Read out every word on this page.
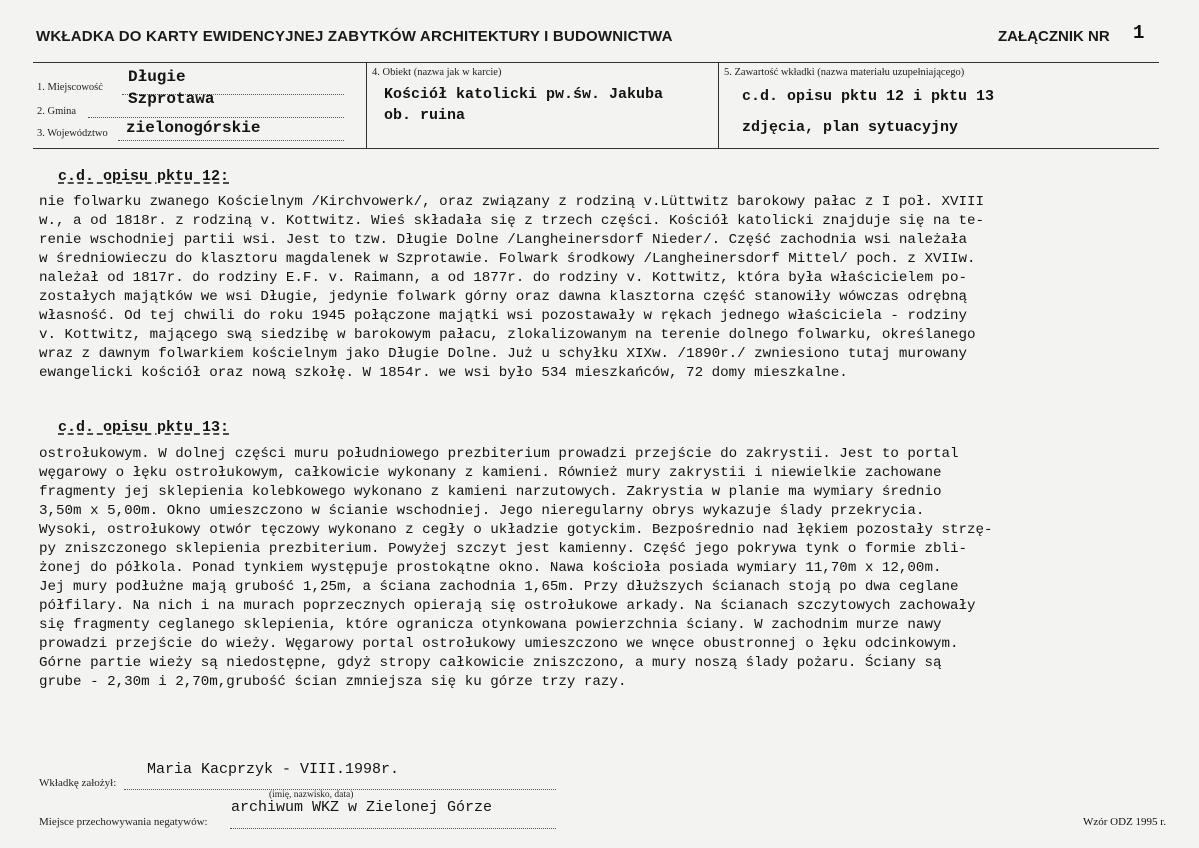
WKŁADKA DO KARTY EWIDENCYJNEJ ZABYTKÓW ARCHITEKTURY I BUDOWNICTWA	ZAŁĄCZNIK NR 1
1. Miejscowość
Długie
2. Gmina
Szprotawa
3. Województwo zielonogórskie
4. Obiekt (nazwa jak w karcie)
Kościół katolicki pw.św. Jakuba
ob. ruina
5. Zawartość wkładki (nazwa materiału uzupełniającego)
c.d. opisu pktu 12 i pktu 13
zdjęcia, plan sytuacyjny
c.d. opisu pktu 12:
nie folwarku zwanego Kościelnym /Kirchvowerk/, oraz związany z rodziną v.Lüttwitz barokowy pałac z I poł. XVIII
w., a od 1818r. z rodziną v. Kottwitz. Wieś składała się z trzech części. Kościół katolicki znajduje się na te-
renie wschodniej partii wsi. Jest to tzw. Długie Dolne /Langheinersdorf Nieder/. Część zachodnia wsi należała
w średniowieczu do klasztoru magdalenek w Szprotawie. Folwark środkowy /Langheinersdorf Mittel/ poch. z XVIIw.
należał od 1817r. do rodziny E.F. v. Raimann, a od 1877r. do rodziny v. Kottwitz, która była właścicielem po-
zostałych majątków we wsi Długie, jedynie folwark górny oraz dawna klasztorna część stanowiły wówczas odrębną
własność. Od tej chwili do roku 1945 połączone majątki wsi pozostawały w rękach jednego właściciela - rodziny
v. Kottwitz, mającego swą siedzibę w barokowym pałacu, zlokalizowanym na terenie dolnego folwarku, określanego
wraz z dawnym folwarkiem kościelnym jako Długie Dolne. Już u schyłku XIXw. /1890r./ zwniesiono tutaj murowany
ewangelicki kościół oraz nową szkołę. W 1854r. we wsi było 534 mieszkańców, 72 domy mieszkalne.
c.d. opisu pktu 13:
ostrołukowym. W dolnej części muru południowego prezbiterium prowadzi przejście do zakrystii. Jest to portal
węgarowy o łęku ostrołukowym, całkowicie wykonany z kamieni. Również mury zakrystii i niewielkie zachowane
fragmenty jej sklepienia kolebkowego wykonano z kamieni narzutowych. Zakrystia w planie ma wymiary średnio
3,50m x 5,00m. Okno umieszczono w ścianie wschodniej. Jego nieregularny obrys wykazuje ślady przekrycia.
Wysoki, ostrołukowy otwór tęczowy wykonano z cegły o układzie gotyckim. Bezpośrednio nad łękiem pozostały strzę-
py zniszczonego sklepienia prezbiterium. Powyżej szczyt jest kamienny. Część jego pokrywa tynk o formie zbli-
żonej do półkola. Ponad tynkiem występuje prostokątne okno. Nawa kościoła posiada wymiary 11,70m x 12,00m.
Jej mury podłużne mają grubość 1,25m, a ściana zachodnia 1,65m. Przy dłuższych ścianach stoją po dwa ceglane
półfilary. Na nich i na murach poprzecznych opierają się ostrołukowe arkady. Na ścianach szczytowych zachowały
się fragmenty ceglanego sklepienia, które ogranicza otynkowana powierzchnia ściany. W zachodnim murze nawy
prowadzi przejście do wieży. Węgarowy portal ostrołukowy umieszczono we wnęce obustronnej o łęku odcinkowym.
Górne partie wieży są niedostępne, gdyż stropy całkowicie zniszczono, a mury noszą ślady pożaru. Ściany są
grube - 2,30m i 2,70m,grubość ścian zmniejsza się ku górze trzy razy.
Maria Kacprzyk - VIII.1998r.
Wkładkę założył:
(imię, nazwisko, data)
archiwum WKZ w Zielonej Górze
Miejsce przechowywania negatywów:	Wzór ODZ 1995 r.
